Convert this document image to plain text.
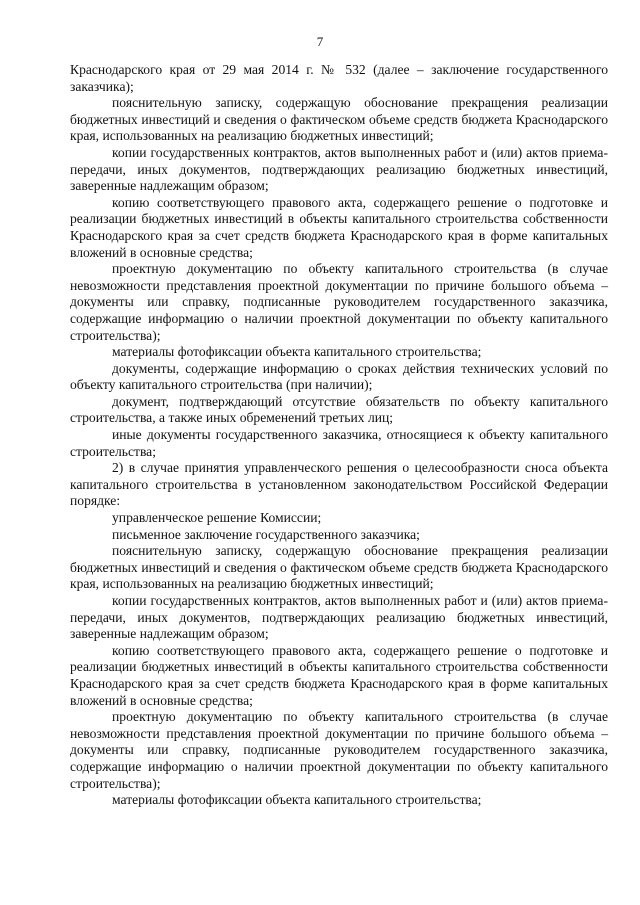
7

Краснодарского края от 29 мая 2014 г. № 532 (далее – заключение государственного заказчика);

пояснительную записку, содержащую обоснование прекращения реализации бюджетных инвестиций и сведения о фактическом объеме средств бюджета Краснодарского края, использованных на реализацию бюджетных инвестиций;

копии государственных контрактов, актов выполненных работ и (или) актов приема-передачи, иных документов, подтверждающих реализацию бюджетных инвестиций, заверенные надлежащим образом;

копию соответствующего правового акта, содержащего решение о подготовке и реализации бюджетных инвестиций в объекты капитального строительства собственности Краснодарского края за счет средств бюджета Краснодарского края в форме капитальных вложений в основные средства;

проектную документацию по объекту капитального строительства (в случае невозможности представления проектной документации по причине большого объема – документы или справку, подписанные руководителем государственного заказчика, содержащие информацию о наличии проектной документации по объекту капитального строительства);

материалы фотофиксации объекта капитального строительства;

документы, содержащие информацию о сроках действия технических условий по объекту капитального строительства (при наличии);

документ, подтверждающий отсутствие обязательств по объекту капитального строительства, а также иных обременений третьих лиц;

иные документы государственного заказчика, относящиеся к объекту капитального строительства;

2) в случае принятия управленческого решения о целесообразности сноса объекта капитального строительства в установленном законодательством Российской Федерации порядке:

управленческое решение Комиссии;

письменное заключение государственного заказчика;

пояснительную записку, содержащую обоснование прекращения реализации бюджетных инвестиций и сведения о фактическом объеме средств бюджета Краснодарского края, использованных на реализацию бюджетных инвестиций;

копии государственных контрактов, актов выполненных работ и (или) актов приема-передачи, иных документов, подтверждающих реализацию бюджетных инвестиций, заверенные надлежащим образом;

копию соответствующего правового акта, содержащего решение о подготовке и реализации бюджетных инвестиций в объекты капитального строительства собственности Краснодарского края за счет средств бюджета Краснодарского края в форме капитальных вложений в основные средства;

проектную документацию по объекту капитального строительства (в случае невозможности представления проектной документации по причине большого объема – документы или справку, подписанные руководителем государственного заказчика, содержащие информацию о наличии проектной документации по объекту капитального строительства);

материалы фотофиксации объекта капитального строительства;
